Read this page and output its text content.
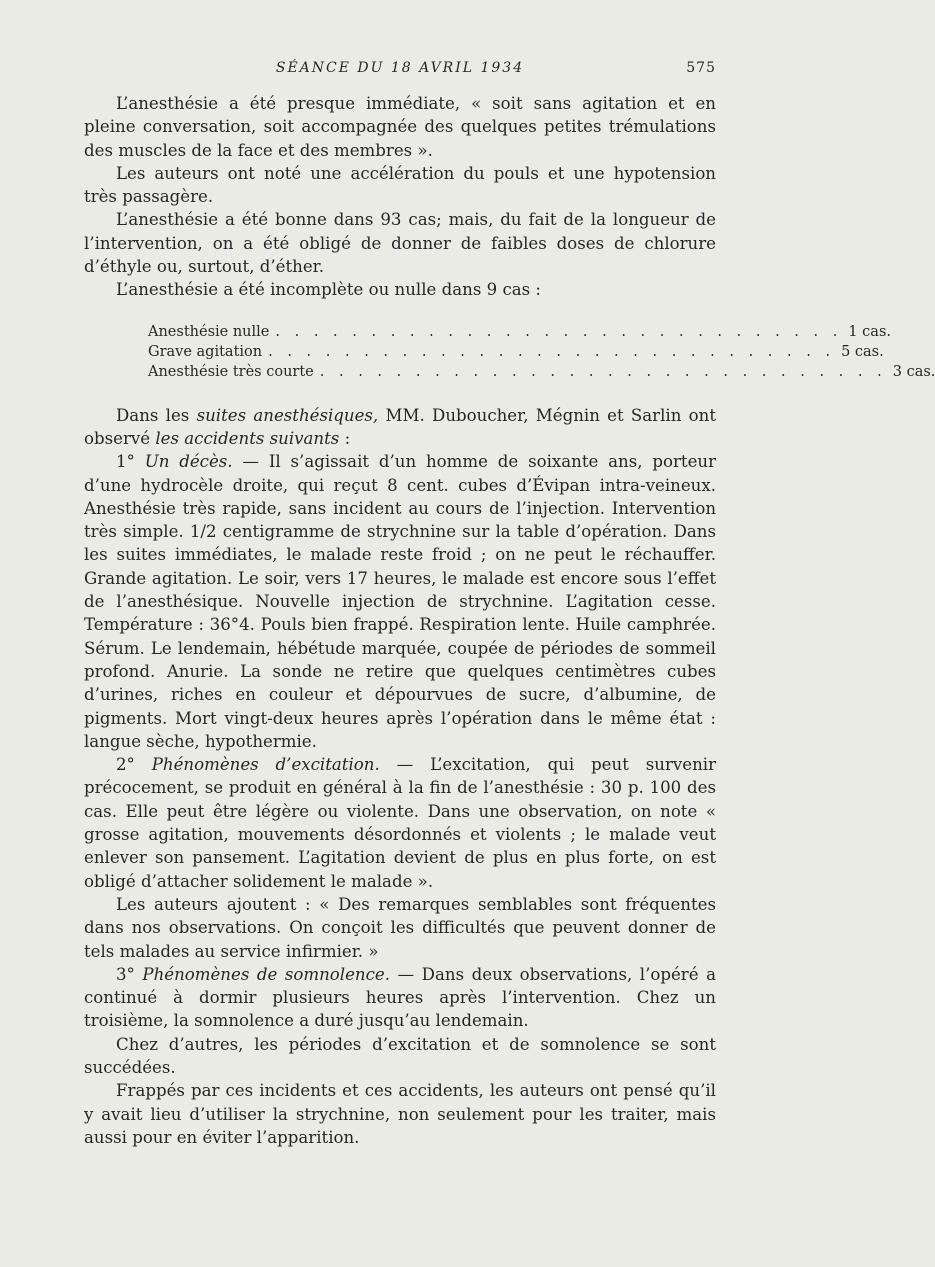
SÉANCE DU 18 AVRIL 1934	575

L’anesthésie a été presque immédiate, « soit sans agitation et en pleine conversation, soit accompagnée des quelques petites trémulations des muscles de la face et des membres ».

Les auteurs ont noté une accélération du pouls et une hypotension très passagère.

L’anesthésie a été bonne dans 93 cas; mais, du fait de la longueur de l’intervention, on a été obligé de donner de faibles doses de chlorure d’éthyle ou, surtout, d’éther.

L’anesthésie a été incomplète ou nulle dans 9 cas :

Anesthésie nulle . . . . . . . . . . . . . . . . . . . . . . . . . . . . . . 1 cas.
Grave agitation . . . . . . . . . . . . . . . . . . . . . . . . . . . . . . 5 cas.
Anesthésie très courte . . . . . . . . . . . . . . . . . . . . . . . . . . . . . . 3 cas.

Dans les suites anesthésiques, MM. Duboucher, Mégnin et Sarlin ont observé les accidents suivants :

1° Un décès. — Il s’agissait d’un homme de soixante ans, porteur d’une hydrocèle droite, qui reçut 8 cent. cubes d’Évipan intra-veineux. Anesthésie très rapide, sans incident au cours de l’injection. Intervention très simple. 1/2 centigramme de strychnine sur la table d’opération. Dans les suites immédiates, le malade reste froid ; on ne peut le réchauffer. Grande agitation. Le soir, vers 17 heures, le malade est encore sous l’effet de l’anesthésique. Nouvelle injection de strychnine. L’agitation cesse. Température : 36°4. Pouls bien frappé. Respiration lente. Huile camphrée. Sérum. Le lendemain, hébétude marquée, coupée de périodes de sommeil profond. Anurie. La sonde ne retire que quelques centimètres cubes d’urines, riches en couleur et dépourvues de sucre, d’albumine, de pigments. Mort vingt-deux heures après l’opération dans le même état : langue sèche, hypothermie.

2° Phénomènes d’excitation. — L’excitation, qui peut survenir précocement, se produit en général à la fin de l’anesthésie : 30 p. 100 des cas. Elle peut être légère ou violente. Dans une observation, on note « grosse agitation, mouvements désordonnés et violents ; le malade veut enlever son pansement. L’agitation devient de plus en plus forte, on est obligé d’attacher solidement le malade ».

Les auteurs ajoutent : « Des remarques semblables sont fréquentes dans nos observations. On conçoit les difficultés que peuvent donner de tels malades au service infirmier. »

3° Phénomènes de somnolence. — Dans deux observations, l’opéré a continué à dormir plusieurs heures après l’intervention. Chez un troisième, la somnolence a duré jusqu’au lendemain.

Chez d’autres, les périodes d’excitation et de somnolence se sont succédées.

Frappés par ces incidents et ces accidents, les auteurs ont pensé qu’il y avait lieu d’utiliser la strychnine, non seulement pour les traiter, mais aussi pour en éviter l’apparition.
